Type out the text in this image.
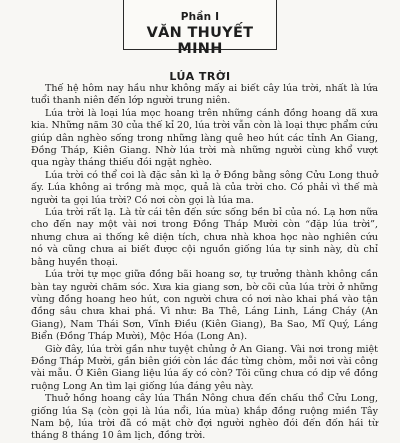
Phần I
VĂN THUYẾT MINH
LÚA TRỜI

Thế hệ hôm nay hầu như không mấy ai biết cây lúa trời, nhất là lứa tuổi thanh niên đến lớp người trung niên.

Lúa trời là loại lúa mọc hoang trên những cánh đồng hoang dã xưa kia. Những năm 30 của thế kỉ 20, lúa trời vẫn còn là loại thực phẩm cứu giúp dân nghèo sống trong những làng quê heo hút các tỉnh An Giang, Đồng Tháp, Kiên Giang. Nhờ lúa trời mà những người cùng khổ vượt qua ngày tháng thiếu đói ngặt nghèo.

Lúa trời có thể coi là đặc sản kì lạ ở Đồng bằng sông Cửu Long thuở ấy. Lúa không ai trồng mà mọc, quả là của trời cho. Có phải vì thế mà người ta gọi lúa trời? Có nơi còn gọi là lúa ma.

Lúa trời rất lạ. Là từ cái tên đến sức sống bền bỉ của nó. Lạ hơn nữa cho đến nay một vài nơi trong Đồng Tháp Mười còn “đặp lúa trời”, nhưng chưa ai thống kê diện tích, chưa nhà khoa học nào nghiên cứu nó và cũng chưa ai biết được cội nguồn giống lúa tự sinh này, dù chỉ bằng huyền thoại.

Lúa trời tự mọc giữa đồng bãi hoang sơ, tự trưởng thành không cần bàn tay người chăm sóc. Xưa kia giang sơn, bờ cõi của lúa trời ở những vùng đồng hoang heo hút, con người chưa có nơi nào khai phá vào tận đồng sâu chưa khai phá. Vì như: Ba Thê, Láng Linh, Láng Cháy (An Giang), Nam Thái Sơn, Vĩnh Điều (Kiên Giang), Ba Sao, Mĩ Quý, Láng Biển (Đồng Tháp Mười), Mộc Hóa (Long An).

Giờ đây, lúa trời gần như tuyệt chủng ở An Giang. Vài nơi trong miệt Đồng Tháp Mười, gần biên giới còn lác đác từng chòm, mỗi nơi vài công vài mẫu. Ở Kiên Giang liệu lúa ấy có còn? Tôi cũng chưa có dịp về đồng ruộng Long An tìm lại giống lúa đáng yêu này.

Thuở hồng hoang cây lúa Thần Nông chưa đến chấu thổ Cửu Long, giống lúa Sạ (còn gọi là lúa nổi, lúa mùa) khắp đồng ruộng miền Tây Nam bộ, lúa trời đã có mặt chờ đợi người nghèo đói đến đốn hái từ tháng 8 tháng 10 âm lịch, đồng trời.
